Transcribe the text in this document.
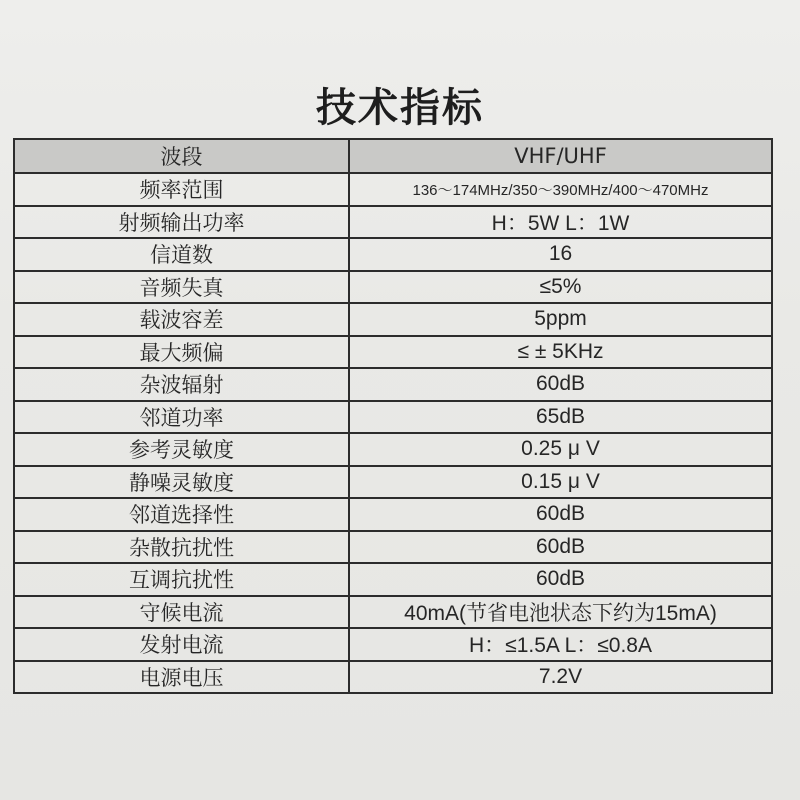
技术指标
波段	VHF/UHF
频率范围	136～174MHz/350～390MHz/400～470MHz
射频输出功率	H：5W L：1W
信道数	16
音频失真	≤5%
载波容差	5ppm
最大频偏	≤ ± 5KHz
杂波辐射	60dB
邻道功率	65dB
参考灵敏度	0.25 μ V
静噪灵敏度	0.15 μ V
邻道选择性	60dB
杂散抗扰性	60dB
互调抗扰性	60dB
守候电流	40mA(节省电池状态下约为15mA)
发射电流	H：≤1.5A L：≤0.8A
电源电压	7.2V
